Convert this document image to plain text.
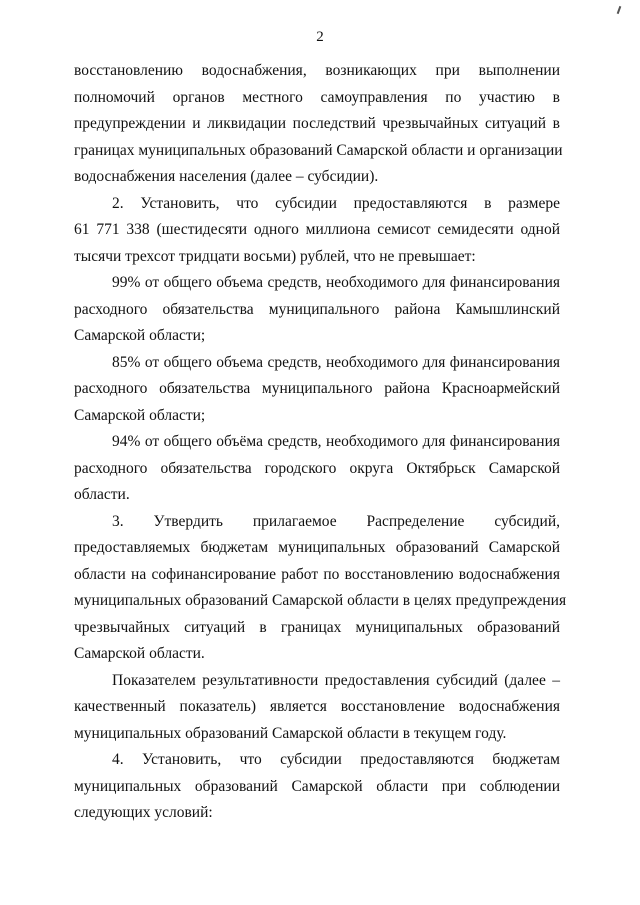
2
восстановлению водоснабжения, возникающих при выполнении
полномочий органов местного самоуправления по участию в
предупреждении и ликвидации последствий чрезвычайных ситуаций в
границах муниципальных образований Самарской области и организации
водоснабжения населения (далее – субсидии).
2. Установить, что субсидии предоставляются в размере
61 771 338 (шестидесяти одного миллиона семисот семидесяти одной
тысячи трехсот тридцати восьми) рублей, что не превышает:
99% от общего объема средств, необходимого для финансирования
расходного обязательства муниципального района Камышлинский
Самарской области;
85% от общего объема средств, необходимого для финансирования
расходного обязательства муниципального района Красноармейский
Самарской области;
94% от общего объёма средств, необходимого для финансирования
расходного обязательства городского округа Октябрьск Самарской
области.
3. Утвердить прилагаемое Распределение субсидий,
предоставляемых бюджетам муниципальных образований Самарской
области на софинансирование работ по восстановлению водоснабжения
муниципальных образований Самарской области в целях предупреждения
чрезвычайных ситуаций в границах муниципальных образований
Самарской области.
Показателем результативности предоставления субсидий (далее –
качественный показатель) является восстановление водоснабжения
муниципальных образований Самарской области в текущем году.
4. Установить, что субсидии предоставляются бюджетам
муниципальных образований Самарской области при соблюдении
следующих условий:
